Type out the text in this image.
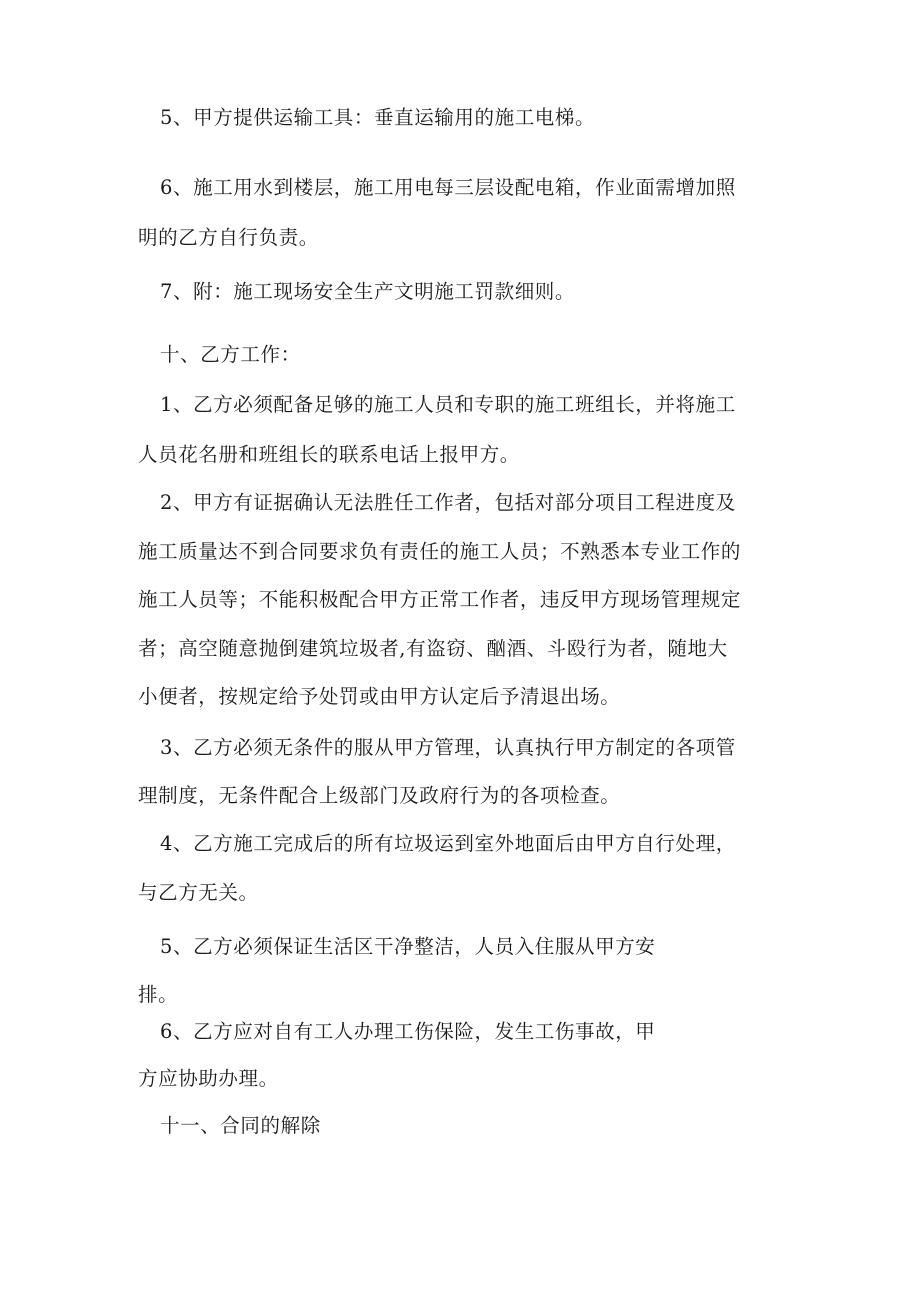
5、甲方提供运输工具：垂直运输用的施工电梯。
6、施工用水到楼层，施工用电每三层设配电箱，作业面需增加照
明的乙方自行负责。
7、附：施工现场安全生产文明施工罚款细则。
十、乙方工作：
1、乙方必须配备足够的施工人员和专职的施工班组长，并将施工
人员花名册和班组长的联系电话上报甲方。
2、甲方有证据确认无法胜任工作者，包括对部分项目工程进度及
施工质量达不到合同要求负有责任的施工人员；不熟悉本专业工作的
施工人员等；不能积极配合甲方正常工作者，违反甲方现场管理规定
者；高空随意抛倒建筑垃圾者,有盗窃、酗酒、斗殴行为者，随地大
小便者，按规定给予处罚或由甲方认定后予清退出场。
3、乙方必须无条件的服从甲方管理，认真执行甲方制定的各项管
理制度，无条件配合上级部门及政府行为的各项检查。
4、乙方施工完成后的所有垃圾运到室外地面后由甲方自行处理，
与乙方无关。
5、乙方必须保证生活区干净整洁，人员入住服从甲方安
排。
6、乙方应对自有工人办理工伤保险，发生工伤事故，甲
方应协助办理。
十一、合同的解除
